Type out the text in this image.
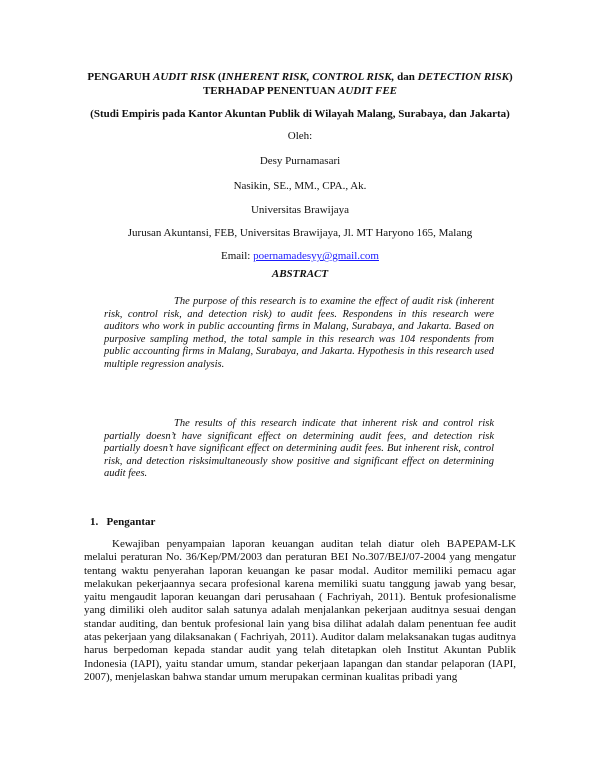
PENGARUH AUDIT RISK (INHERENT RISK, CONTROL RISK, dan DETECTION RISK)
TERHADAP PENENTUAN AUDIT FEE
(Studi Empiris pada Kantor Akuntan Publik di Wilayah Malang, Surabaya, dan Jakarta)
Oleh:
Desy Purnamasari
Nasikin, SE., MM., CPA., Ak.
Universitas Brawijaya
Jurusan Akuntansi, FEB, Universitas Brawijaya, Jl. MT Haryono 165, Malang
Email: poernamadesyy@gmail.com
ABSTRACT
The purpose of this research is to examine the effect of audit risk (inherent risk, control risk, and detection risk) to audit fees. Respondens in this research were auditors who work in public accounting firms in Malang, Surabaya, and Jakarta. Based on purposive sampling method, the total sample in this research was 104 respondents from public accounting firms in Malang, Surabaya, and Jakarta. Hypothesis in this research used multiple regression analysis.
The results of this research indicate that inherent risk and control risk partially doesn’t have significant effect on determining audit fees, and detection risk partially doesn’t have significant effect on determining audit fees. But inherent risk, control risk, and detection risksimultaneously show positive and significant effect on determining audit fees.
1.   Pengantar
Kewajiban penyampaian laporan keuangan auditan telah diatur oleh BAPEPAM-LK melalui peraturan No. 36/Kep/PM/2003 dan peraturan BEI No.307/BEJ/07-2004 yang mengatur tentang waktu penyerahan laporan keuangan ke pasar modal. Auditor memiliki pemacu agar melakukan pekerjaannya secara profesional karena memiliki suatu tanggung jawab yang besar, yaitu mengaudit laporan keuangan dari perusahaan ( Fachriyah, 2011). Bentuk profesionalisme yang dimiliki oleh auditor salah satunya adalah menjalankan pekerjaan auditnya sesuai dengan standar auditing, dan bentuk profesional lain yang bisa dilihat adalah dalam penentuan fee audit atas pekerjaan yang dilaksanakan ( Fachriyah, 2011). Auditor dalam melaksanakan tugas auditnya harus berpedoman kepada standar audit yang telah ditetapkan oleh Institut Akuntan Publik Indonesia (IAPI), yaitu standar umum, standar pekerjaan lapangan dan standar pelaporan (IAPI, 2007), menjelaskan bahwa standar umum merupakan cerminan kualitas pribadi yang
